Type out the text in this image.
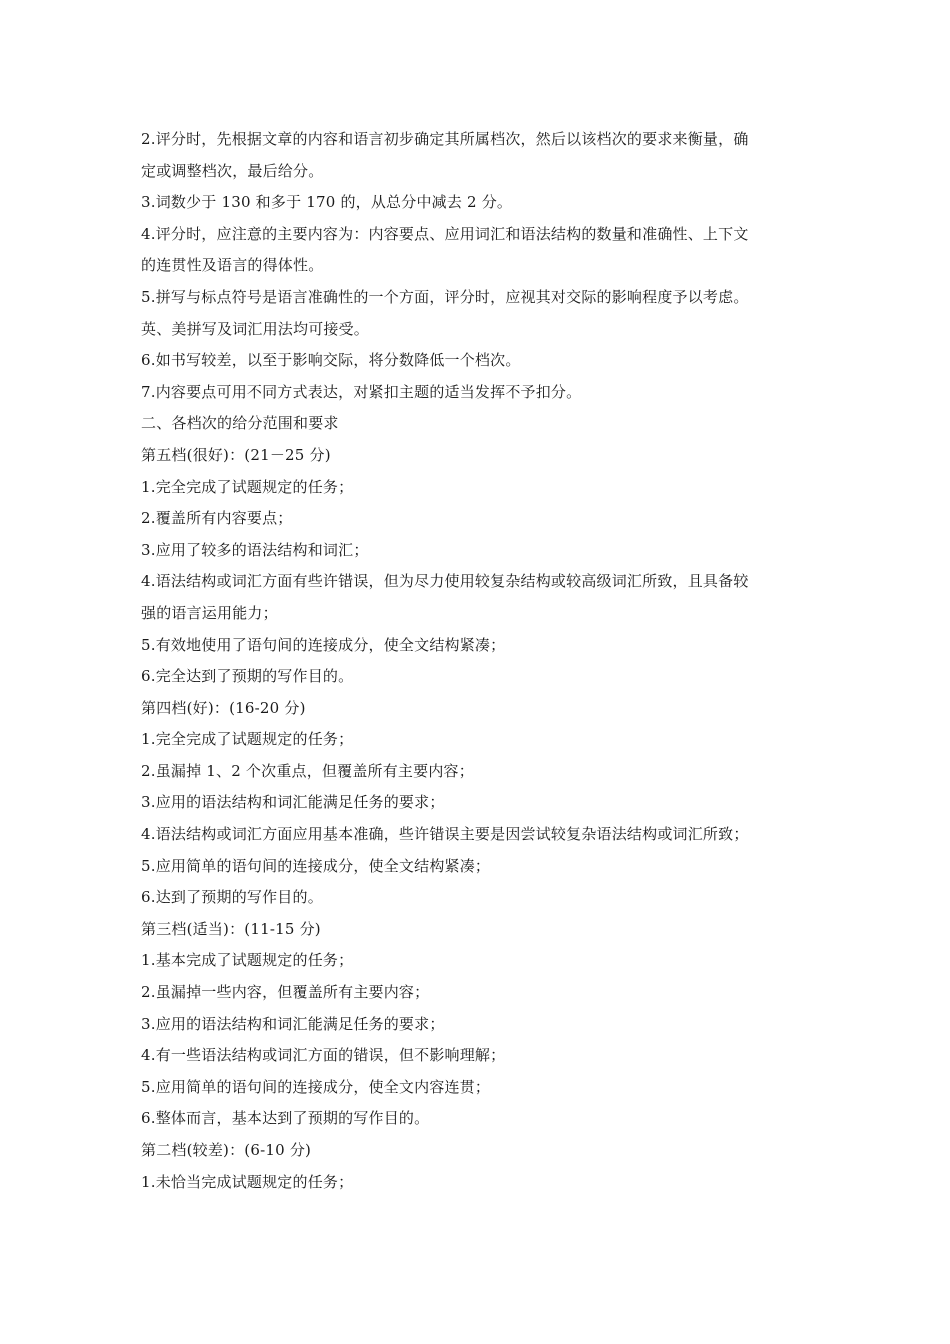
2.评分时，先根据文章的内容和语言初步确定其所属档次，然后以该档次的要求来衡量，确

定或调整档次，最后给分。

3.词数少于 130 和多于 170 的，从总分中减去 2 分。

4.评分时，应注意的主要内容为：内容要点、应用词汇和语法结构的数量和准确性、上下文

的连贯性及语言的得体性。

5.拼写与标点符号是语言准确性的一个方面，评分时，应视其对交际的影响程度予以考虑。

英、美拼写及词汇用法均可接受。

6.如书写较差，以至于影响交际，将分数降低一个档次。

7.内容要点可用不同方式表达，对紧扣主题的适当发挥不予扣分。

二、各档次的给分范围和要求

第五档(很好)：(21－25 分)

1.完全完成了试题规定的任务；

2.覆盖所有内容要点；

3.应用了较多的语法结构和词汇；

4.语法结构或词汇方面有些许错误，但为尽力使用较复杂结构或较高级词汇所致，且具备较

强的语言运用能力；

5.有效地使用了语句间的连接成分，使全文结构紧凑；

6.完全达到了预期的写作目的。

第四档(好)：(16-20 分)

1.完全完成了试题规定的任务；

2.虽漏掉 1、2 个次重点，但覆盖所有主要内容；

3.应用的语法结构和词汇能满足任务的要求；

4.语法结构或词汇方面应用基本准确，些许错误主要是因尝试较复杂语法结构或词汇所致；

5.应用简单的语句间的连接成分，使全文结构紧凑；

6.达到了预期的写作目的。

第三档(适当)：(11-15 分)

1.基本完成了试题规定的任务；

2.虽漏掉一些内容，但覆盖所有主要内容；

3.应用的语法结构和词汇能满足任务的要求；

4.有一些语法结构或词汇方面的错误，但不影响理解；

5.应用简单的语句间的连接成分，使全文内容连贯；

6.整体而言，基本达到了预期的写作目的。

第二档(较差)：(6-10 分)

1.未恰当完成试题规定的任务；
